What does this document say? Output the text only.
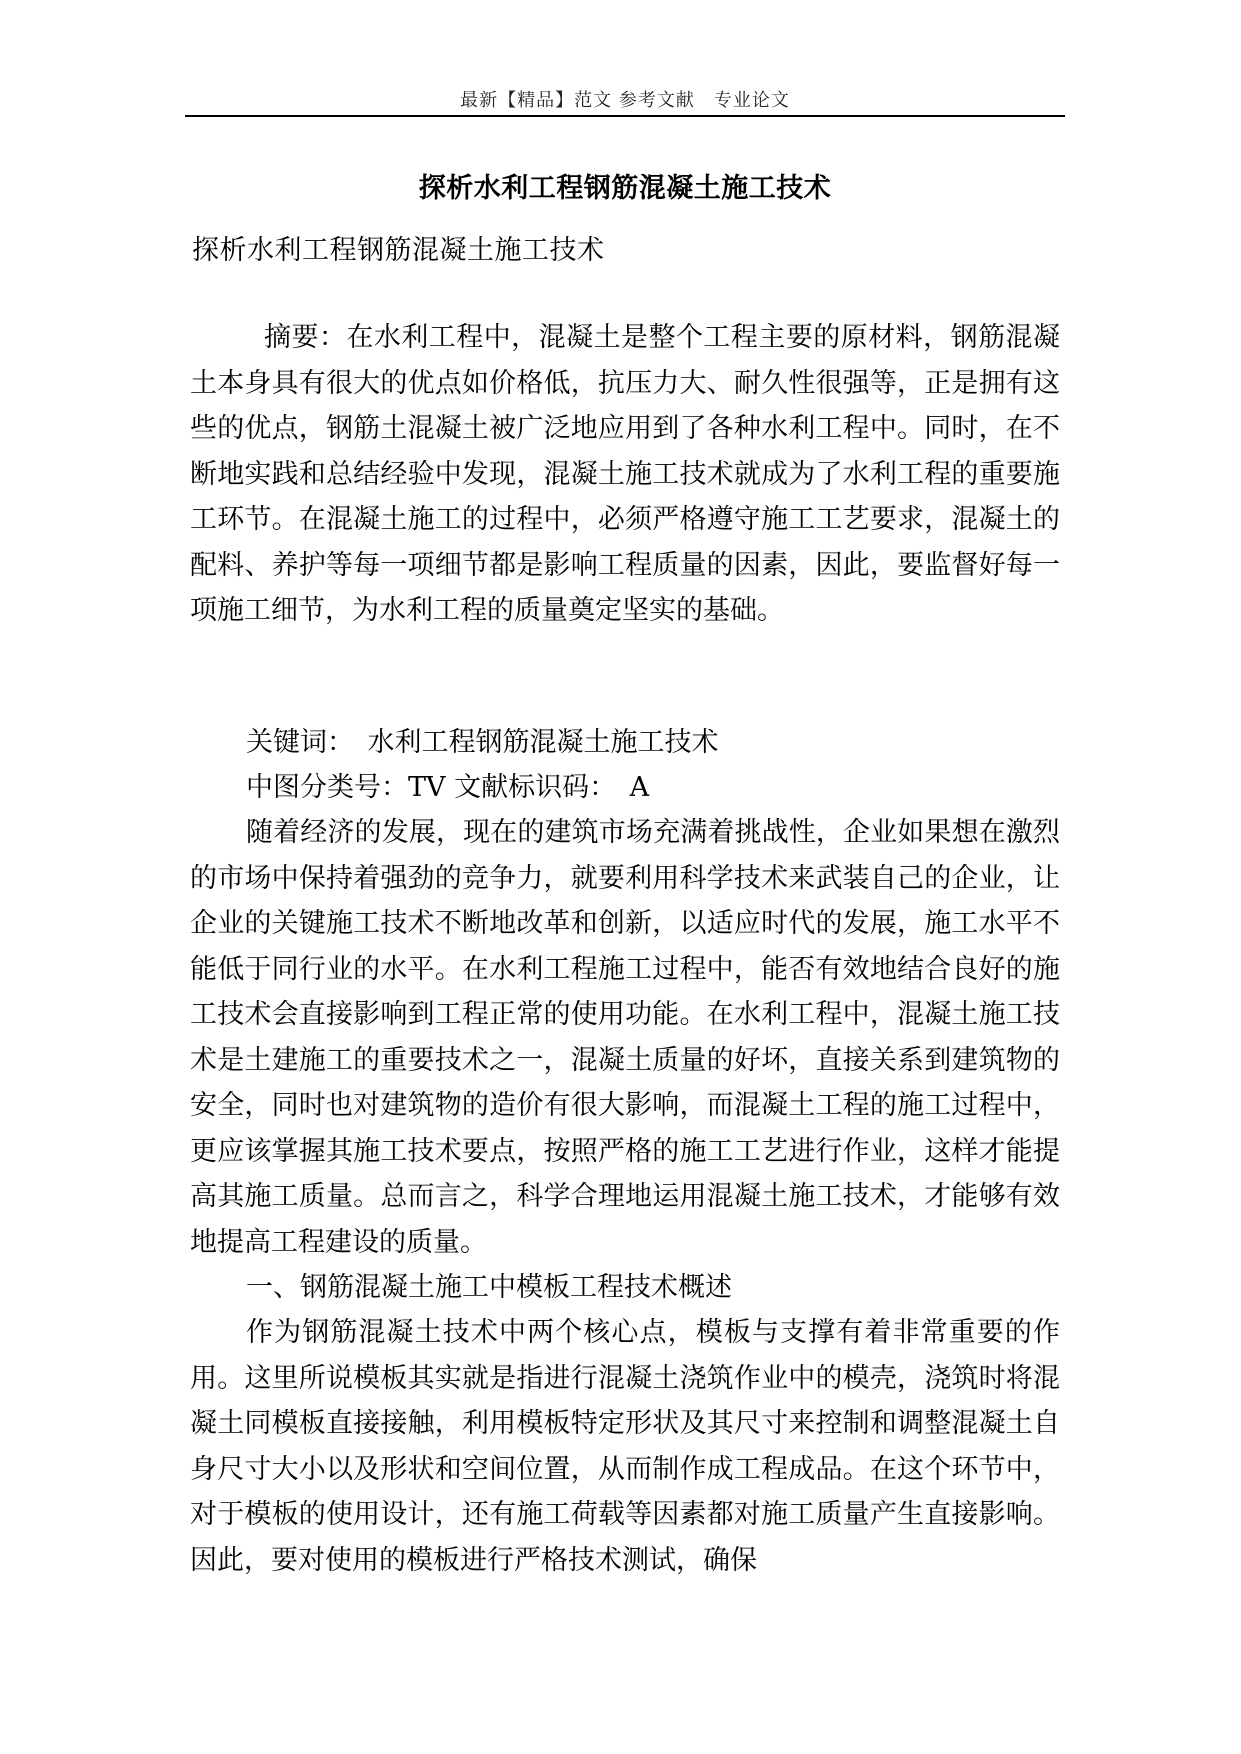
最新【精品】范文 参考文献　专业论文
探析水利工程钢筋混凝土施工技术
探析水利工程钢筋混凝土施工技术

摘要：在水利工程中，混凝土是整个工程主要的原材料，钢筋混凝土本身具有很大的优点如价格低，抗压力大、耐久性很强等，正是拥有这些的优点，钢筋土混凝土被广泛地应用到了各种水利工程中。同时，在不断地实践和总结经验中发现，混凝土施工技术就成为了水利工程的重要施工环节。在混凝土施工的过程中，必须严格遵守施工工艺要求，混凝土的配料、养护等每一项细节都是影响工程质量的因素，因此，要监督好每一项施工细节，为水利工程的质量奠定坚实的基础。

关键词：　水利工程钢筋混凝土施工技术
中图分类号：TV 文献标识码：　A

随着经济的发展，现在的建筑市场充满着挑战性，企业如果想在激烈的市场中保持着强劲的竞争力，就要利用科学技术来武装自己的企业，让企业的关键施工技术不断地改革和创新，以适应时代的发展，施工水平不能低于同行业的水平。在水利工程施工过程中，能否有效地结合良好的施工技术会直接影响到工程正常的使用功能。在水利工程中，混凝土施工技术是土建施工的重要技术之一，混凝土质量的好坏，直接关系到建筑物的安全，同时也对建筑物的造价有很大影响，而混凝土工程的施工过程中，更应该掌握其施工技术要点，按照严格的施工工艺进行作业，这样才能提高其施工质量。总而言之，科学合理地运用混凝土施工技术，才能够有效地提高工程建设的质量。

一、钢筋混凝土施工中模板工程技术概述

作为钢筋混凝土技术中两个核心点，模板与支撑有着非常重要的作用。这里所说模板其实就是指进行混凝土浇筑作业中的模壳，浇筑时将混凝土同模板直接接触，利用模板特定形状及其尺寸来控制和调整混凝土自身尺寸大小以及形状和空间位置，从而制作成工程成品。在这个环节中，对于模板的使用设计，还有施工荷载等因素都对施工质量产生直接影响。因此，要对使用的模板进行严格技术测试，确保
